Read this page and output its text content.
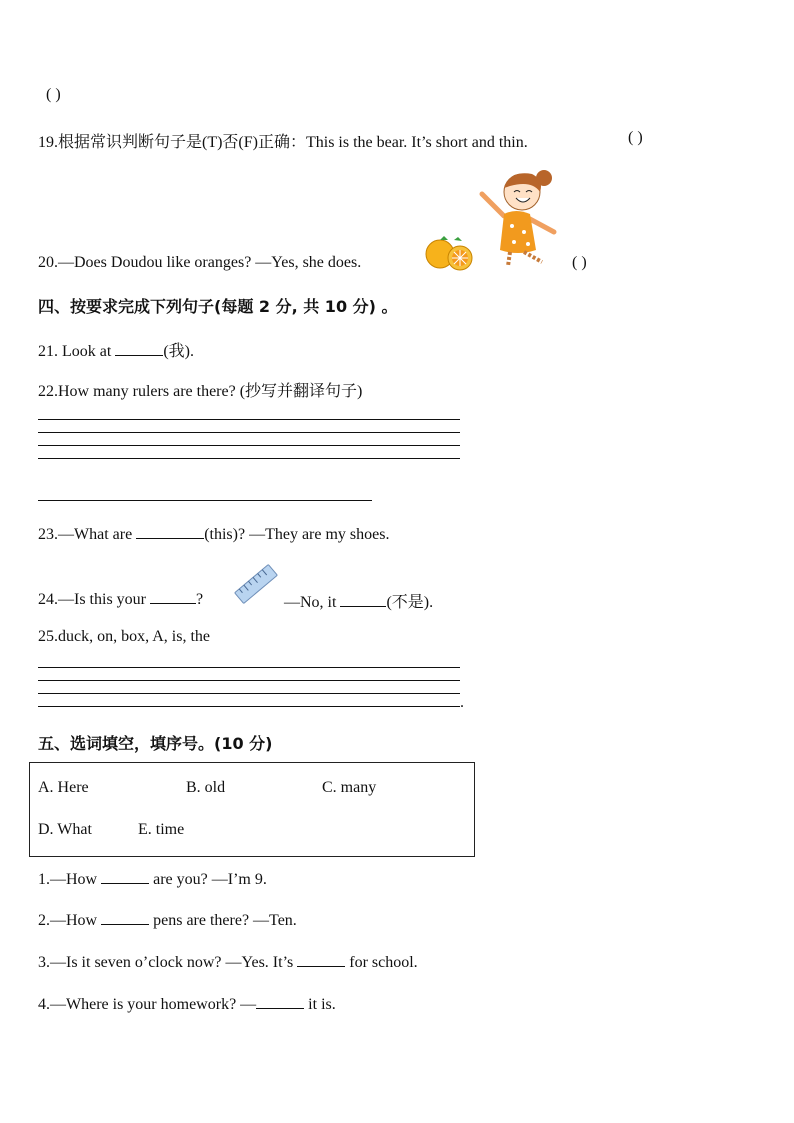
( )
19.根据常识判断句子是(T)否(F)正确：This is the bear. It’s short and thin.	( )
20.—Does Doudou like oranges? —Yes, she does.	( )
四、按要求完成下列句子(每题 2 分, 共 10 分) 。
21. Look at	(我).
22.How many rulers are there? (抄写并翻译句子)
23.—What are	(this)? —They are my shoes.
24.—Is this your	?	—No, it	(不是).
25.duck, on, box, A, is, the
.
五、选词填空，填序号。(10 分)
A. Here	B. old	C. many
D. What	E. time
1.—How	are you? —I’m 9.
2.—How	pens are there? —Ten.
3.—Is it seven o’clock now? —Yes. It’s	for school.
4.—Where is your homework? —	it is.
